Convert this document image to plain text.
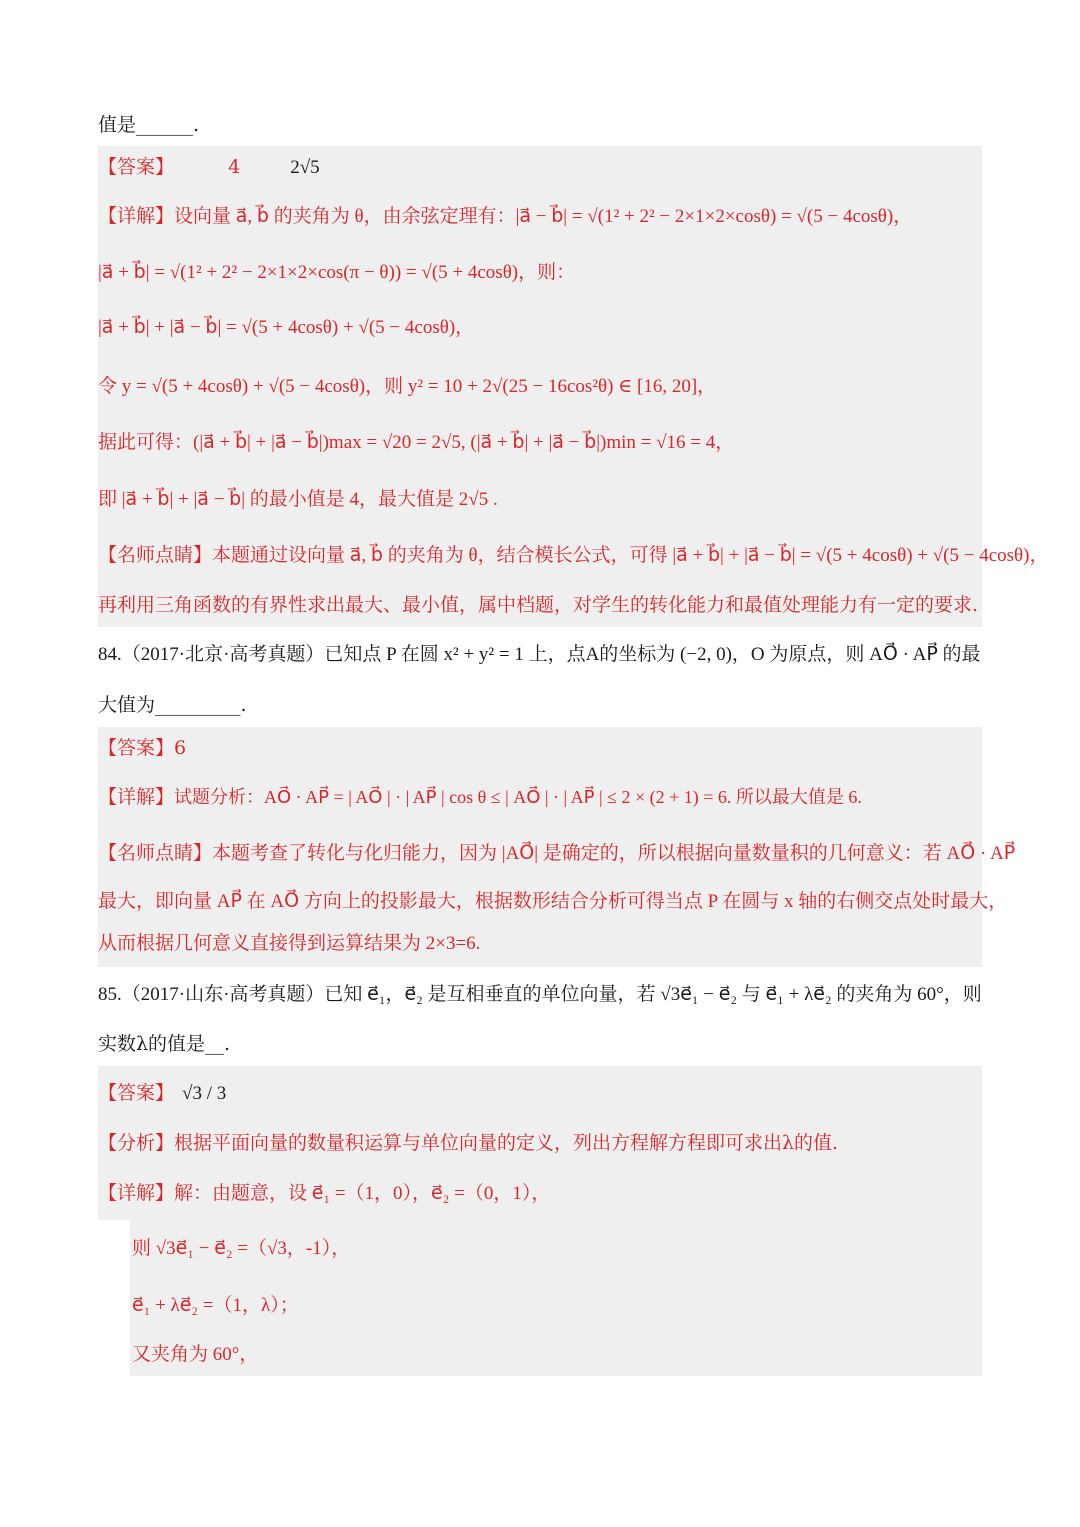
值是______.
【答案】	4	2√5
【详解】设向量 a⃗, b⃗ 的夹角为 θ，由余弦定理有：|a⃗ − b⃗| = √(1² + 2² − 2×1×2×cosθ) = √(5 − 4cosθ)，
|a⃗ + b⃗| = √(1² + 2² − 2×1×2×cos(π − θ)) = √(5 + 4cosθ)，则：
|a⃗ + b⃗| + |a⃗ − b⃗| = √(5 + 4cosθ) + √(5 − 4cosθ)，
令 y = √(5 + 4cosθ) + √(5 − 4cosθ)，则 y² = 10 + 2√(25 − 16cos²θ) ∈ [16, 20]，
据此可得：(|a⃗ + b⃗| + |a⃗ − b⃗|)max = √20 = 2√5, (|a⃗ + b⃗| + |a⃗ − b⃗|)min = √16 = 4，
即 |a⃗ + b⃗| + |a⃗ − b⃗| 的最小值是 4，最大值是 2√5 .
【名师点睛】本题通过设向量 a⃗, b⃗ 的夹角为 θ，结合模长公式，可得 |a⃗ + b⃗| + |a⃗ − b⃗| = √(5 + 4cosθ) + √(5 − 4cosθ)，
再利用三角函数的有界性求出最大、最小值，属中档题，对学生的转化能力和最值处理能力有一定的要求.
84.（2017·北京·高考真题）已知点 P 在圆 x² + y² = 1 上，点A的坐标为 (−2, 0)，O 为原点，则 AO⃗ · AP⃗ 的最
大值为_________.
【答案】6
【详解】试题分析：AO⃗ · AP⃗ = | AO⃗ | · | AP⃗ | cos θ ≤ | AO⃗ | · | AP⃗ | ≤ 2 × (2 + 1) = 6. 所以最大值是 6.
【名师点睛】本题考查了转化与化归能力，因为 |AO⃗| 是确定的，所以根据向量数量积的几何意义：若 AO⃗ · AP⃗
最大，即向量 AP⃗ 在 AO⃗ 方向上的投影最大，根据数形结合分析可得当点 P 在圆与 x 轴的右侧交点处时最大，
从而根据几何意义直接得到运算结果为 2×3=6.
85.（2017·山东·高考真题）已知 e⃗₁，e⃗₂ 是互相垂直的单位向量，若 √3e⃗₁ − e⃗₂ 与 e⃗₁ + λe⃗₂ 的夹角为 60°，则
实数λ的值是__.
【答案】 √3 / 3
【分析】根据平面向量的数量积运算与单位向量的定义，列出方程解方程即可求出λ的值.
【详解】解：由题意，设 e⃗₁ =（1，0），e⃗₂ =（0，1），
则 √3e⃗₁ − e⃗₂ =（√3，-1），
e⃗₁ + λe⃗₂ =（1，λ）；
又夹角为 60°，
